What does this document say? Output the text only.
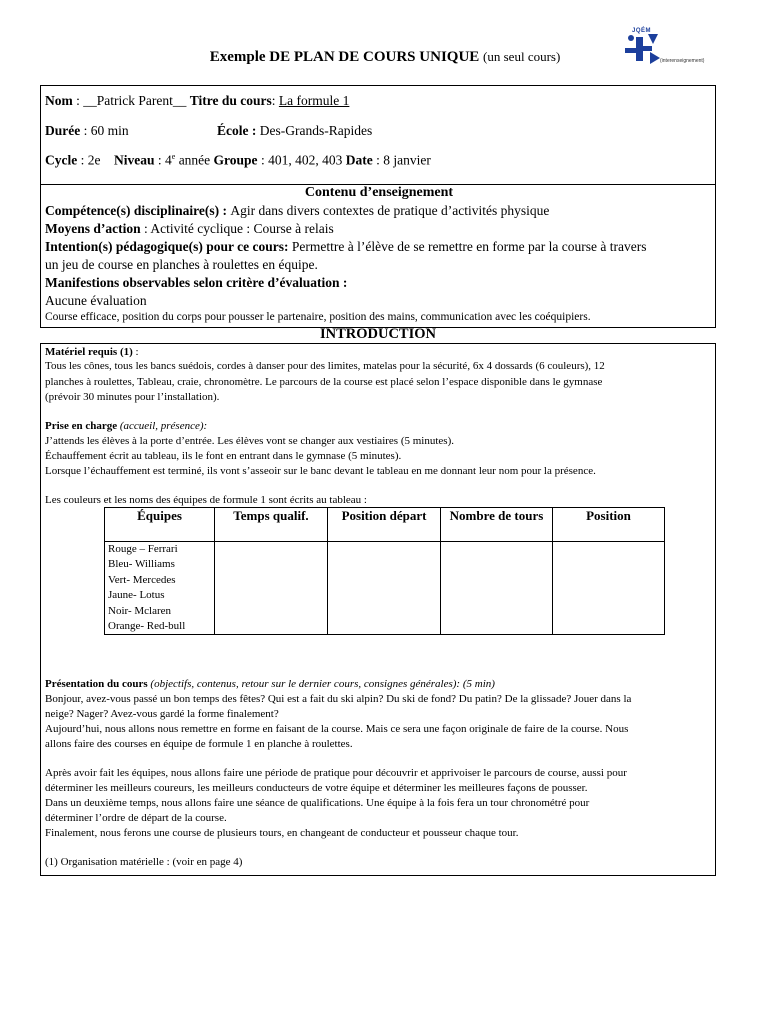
JQÉM
(interenseignement)
Exemple DE PLAN DE COURS UNIQUE (un seul cours)
Nom : __Patrick Parent__ Titre du cours: La formule 1
Durée : 60 min	École : Des-Grands-Rapides
Cycle : 2e Niveau : 4e année Groupe : 401, 402, 403 Date : 8 janvier
Contenu d’enseignement
Compétence(s) disciplinaire(s) : Agir dans divers contextes de pratique d’activités physique
Moyens d’action : Activité cyclique : Course à relais
Intention(s) pédagogique(s) pour ce cours: Permettre à l’élève de se remettre en forme par la course à travers
un jeu de course en planches à roulettes en équipe.
Manifestions observables selon critère d’évaluation :
Aucune évaluation
Course efficace, position du corps pour pousser le partenaire, position des mains, communication avec les coéquipiers.
INTRODUCTION
Matériel requis (1) :
Tous les cônes, tous les bancs suédois, cordes à danser pour des limites, matelas pour la sécurité, 6x 4 dossards (6 couleurs), 12
planches à roulettes, Tableau, craie, chronomètre. Le parcours de la course est placé selon l’espace disponible dans le gymnase
(prévoir 30 minutes pour l’installation).
Prise en charge (accueil, présence):
J’attends les élèves à la porte d’entrée. Les élèves vont se changer aux vestiaires (5 minutes).
Échauffement écrit au tableau, ils le font en entrant dans le gymnase (5 minutes).
Lorsque l’échauffement est terminé, ils vont s’asseoir sur le banc devant le tableau en me donnant leur nom pour la présence.
Les couleurs et les noms des équipes de formule 1 sont écrits au tableau :
Présentation du cours (objectifs, contenus, retour sur le dernier cours, consignes générales): (5 min)
Bonjour, avez-vous passé un bon temps des fêtes? Qui est a fait du ski alpin? Du ski de fond? Du patin? De la glissade? Jouer dans la
neige? Nager? Avez-vous gardé la forme finalement?
Aujourd’hui, nous allons nous remettre en forme en faisant de la course. Mais ce sera une façon originale de faire de la course. Nous
allons faire des courses en équipe de formule 1 en planche à roulettes.
Après avoir fait les équipes, nous allons faire une période de pratique pour découvrir et apprivoiser le parcours de course, aussi pour
déterminer les meilleurs coureurs, les meilleurs conducteurs de votre équipe et déterminer les meilleures façons de pousser.
Dans un deuxième temps, nous allons faire une séance de qualifications. Une équipe à la fois fera un tour chronométré pour
déterminer l’ordre de départ de la course.
Finalement, nous ferons une course de plusieurs tours, en changeant de conducteur et pousseur chaque tour.
(1) Organisation matérielle : (voir en page 4)
Équipes	Temps qualif.	Position départ	Nombre de tours	Position
Rouge – Ferrari				
Bleu- Williams				
Vert- Mercedes				
Jaune- Lotus				
Noir- Mclaren				
Orange- Red-bull				
